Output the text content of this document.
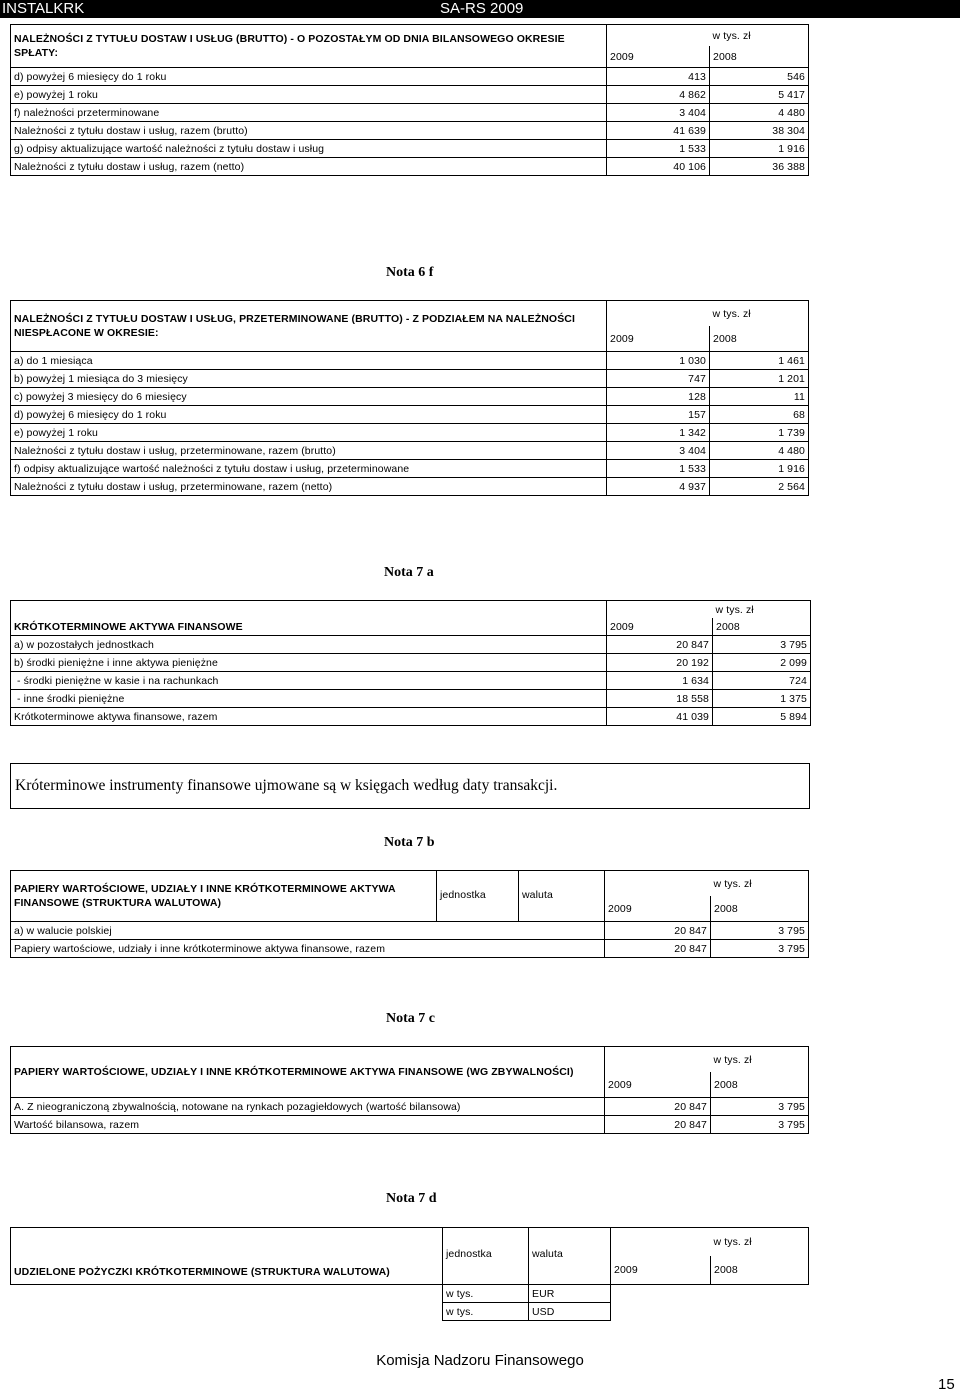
INSTALKRK	SA-RS 2009
NALEŻNOŚCI Z TYTUŁU DOSTAW I USŁUG (BRUTTO) - O POZOSTAŁYM OD DNIA BILANSOWEGO OKRESIE SPŁATY:		w tys. zł
	2009	2008
d) powyżej 6 miesięcy do 1 roku	413	546
e) powyżej 1 roku	4 862	5 417
f) należności przeterminowane	3 404	4 480
Należności z tytułu dostaw i usług, razem (brutto)	41 639	38 304
g) odpisy aktualizujące wartość należności z tytułu dostaw i usług	1 533	1 916
Należności z tytułu dostaw i usług, razem (netto)	40 106	36 388
Nota 6 f
NALEŻNOŚCI Z TYTUŁU DOSTAW I USŁUG, PRZETERMINOWANE (BRUTTO) - Z PODZIAŁEM NA NALEŻNOŚCI NIESPŁACONE W OKRESIE:		w tys. zł
	2009	2008
a) do 1 miesiąca	1 030	1 461
b) powyżej 1 miesiąca do 3 miesięcy	747	1 201
c) powyżej 3 miesięcy do 6 miesięcy	128	11
d) powyżej 6 miesięcy do 1 roku	157	68
e) powyżej 1 roku	1 342	1 739
Należności z tytułu dostaw i usług, przeterminowane, razem (brutto)	3 404	4 480
f) odpisy aktualizujące wartość należności z tytułu dostaw i usług, przeterminowane	1 533	1 916
Należności z tytułu dostaw i usług, przeterminowane, razem (netto)	4 937	2 564
Nota 7 a
		w tys. zł
KRÓTKOTERMINOWE AKTYWA FINANSOWE	2009	2008
a) w pozostałych jednostkach	20 847	3 795
b) środki pieniężne i inne aktywa pieniężne	20 192	2 099
- środki pieniężne w kasie i na rachunkach	1 634	724
- inne środki pieniężne	18 558	1 375
Krótkoterminowe aktywa finansowe, razem	41 039	5 894
Króterminowe instrumenty finansowe ujmowane są w księgach według daty transakcji.
Nota 7 b
PAPIERY WARTOŚCIOWE, UDZIAŁY I INNE KRÓTKOTERMINOWE AKTYWA FINANSOWE (STRUKTURA WALUTOWA)	jednostka	waluta		w tys. zł
			2009	2008
a) w walucie polskiej			20 847	3 795
Papiery wartościowe, udziały i inne krótkoterminowe aktywa finansowe, razem			20 847	3 795
Nota 7 c
PAPIERY WARTOŚCIOWE, UDZIAŁY I INNE KRÓTKOTERMINOWE AKTYWA FINANSOWE (WG ZBYWALNOŚCI)		w tys. zł
	2009	2008
A. Z nieograniczoną zbywalnością, notowane na rynkach pozagiełdowych (wartość bilansowa)	20 847	3 795
Wartość bilansowa, razem	20 847	3 795
Nota 7 d
UDZIELONE POŻYCZKI KRÓTKOTERMINOWE (STRUKTURA WALUTOWA)	jednostka	waluta		w tys. zł
			2009	2008
	w tys.	EUR		
	w tys.	USD		
Komisja Nadzoru Finansowego
15
